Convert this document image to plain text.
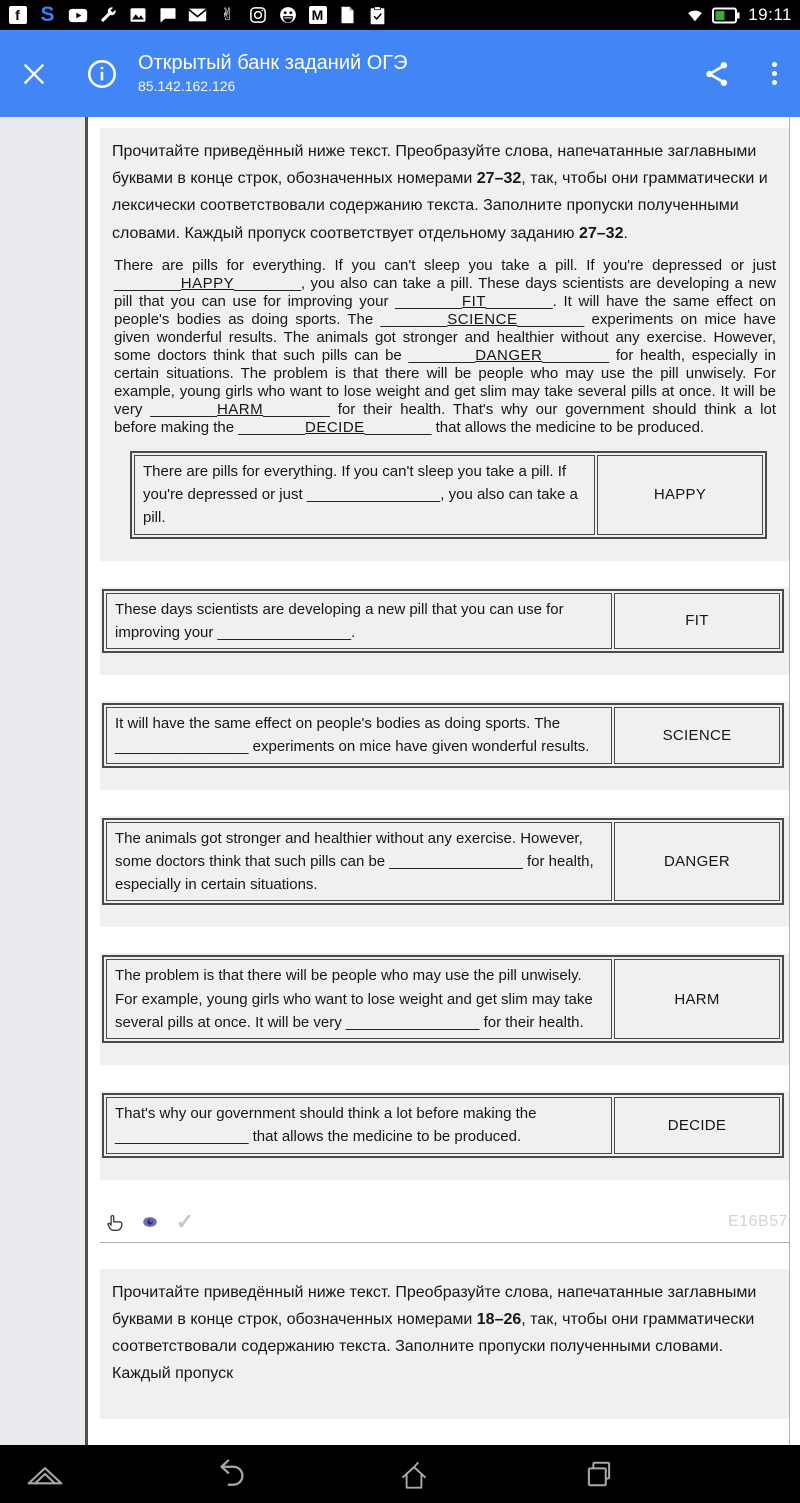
f S	✌	M	19:11
Открытый банк заданий ОГЭ
85.142.162.126

Прочитайте приведённый ниже текст. Преобразуйте слова, напечатанные заглавными буквами в конце строк, обозначенных номерами 27–32, так, чтобы они грамматически и лексически соответствовали содержанию текста. Заполните пропуски полученными словами. Каждый пропуск соответствует отдельному заданию 27–32.

There are pills for everything. If you can't sleep you take a pill. If you're depressed or just ________HAPPY________, you also can take a pill. These days scientists are developing a new pill that you can use for improving your ________FIT________. It will have the same effect on people's bodies as doing sports. The ________SCIENCE________ experiments on mice have given wonderful results. The animals got stronger and healthier without any exercise. However, some doctors think that such pills can be ________DANGER________ for health, especially in certain situations. The problem is that there will be people who may use the pill unwisely. For example, young girls who want to lose weight and get slim may take several pills at once. It will be very ________HARM________ for their health. That's why our government should think a lot before making the ________DECIDE________ that allows the medicine to be produced.

There are pills for everything. If you can't sleep you take a pill. If you're depressed or just ________________, you also can take a pill.	HAPPY
These days scientists are developing a new pill that you can use for improving your ________________.	FIT
It will have the same effect on people's bodies as doing sports. The ________________ experiments on mice have given wonderful results.	SCIENCE
The animals got stronger and healthier without any exercise. However, some doctors think that such pills can be ________________ for health, especially in certain situations.	DANGER
The problem is that there will be people who may use the pill unwisely. For example, young girls who want to lose weight and get slim may take several pills at once. It will be very ________________ for their health.	HARM
That's why our government should think a lot before making the ________________ that allows the medicine to be produced.	DECIDE
✓	E16B57

Прочитайте приведённый ниже текст. Преобразуйте слова, напечатанные заглавными буквами в конце строк, обозначенных номерами 18–26, так, чтобы они грамматически соответствовали содержанию текста. Заполните пропуски полученными словами. Каждый пропуск
